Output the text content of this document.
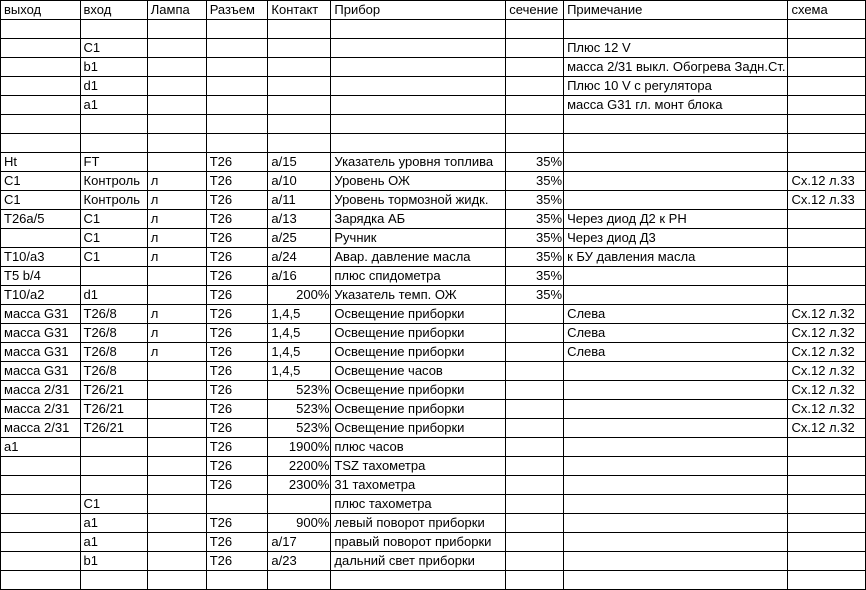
выход	вход	Лампа	Разъем	Контакт	Прибор	сечение	Примечание	схема

	C1						Плюс 12 V	
	b1						масса 2/31 выкл. Обогрева Задн.Ст.	
	d1						Плюс 10 V с регулятора	
	a1						масса G31 гл. монт блока	

Ht	FT		T26	a/15	Указатель уровня топлива	35%		
C1	Контроль	л	T26	a/10	Уровень ОЖ	35%		Сх.12 л.33
C1	Контроль	л	T26	a/11	Уровень тормозной жидк.	35%		Сх.12 л.33
T26a/5	C1	л	T26	a/13	Зарядка АБ	35%	Через диод Д2 к РН	
	C1	л	T26	a/25	Ручник	35%	Через диод Д3	
T10/a3	C1	л	T26	a/24	Авар. давление масла	35%	к БУ давления масла	
T5 b/4			T26	a/16	плюс спидометра	35%		
T10/a2	d1		T26	200%	Указатель темп. ОЖ	35%		
масса G31	T26/8	л	T26	1,4,5	Освещение приборки		Слева	Сх.12 л.32
масса G31	T26/8	л	T26	1,4,5	Освещение приборки		Слева	Сх.12 л.32
масса G31	T26/8	л	T26	1,4,5	Освещение приборки		Слева	Сх.12 л.32
масса G31	T26/8		T26	1,4,5	Освещение часов			Сх.12 л.32
масса 2/31	T26/21		T26	523%	Освещение приборки			Сх.12 л.32
масса 2/31	T26/21		T26	523%	Освещение приборки			Сх.12 л.32
масса 2/31	T26/21		T26	523%	Освещение приборки			Сх.12 л.32
a1			T26	1900%	плюс часов			
			T26	2200%	TSZ тахометра			
			T26	2300%	31 тахометра			
	C1				плюс тахометра			
	a1		T26	900%	левый поворот приборки			
	a1		T26	a/17	правый поворот приборки			
	b1		T26	a/23	дальний свет приборки			
